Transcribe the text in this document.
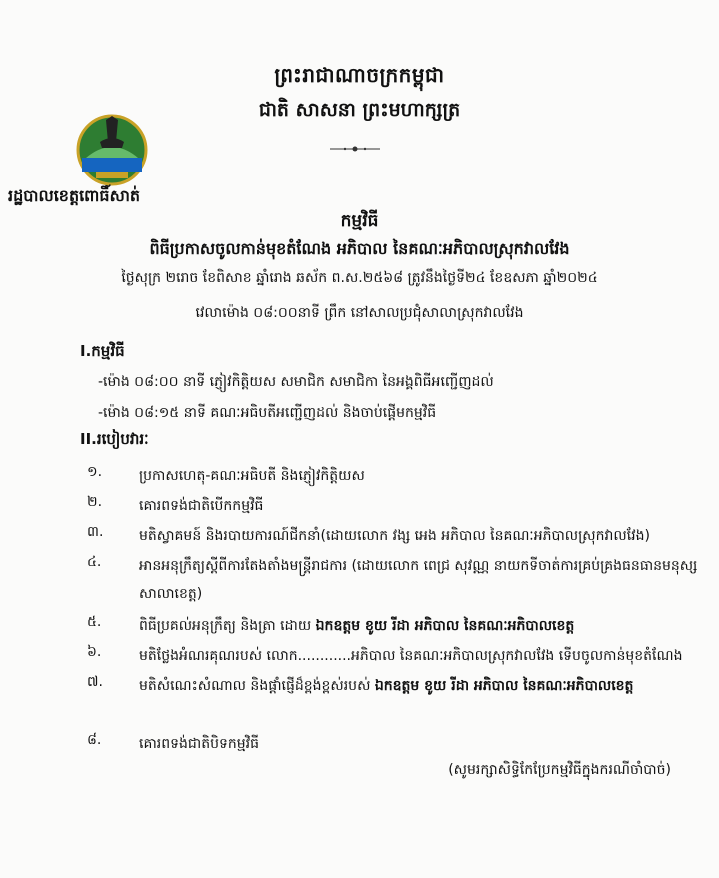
ព្រះរាជាណាចក្រកម្ពុជា
ជាតិ សាសនា ព្រះមហាក្សត្រ
រដ្ឋបាលខេត្តពោធិ៍សាត់
កម្មវិធី
ពិធីប្រកាសចូលកាន់មុខតំណែង អភិបាល នៃគណៈអភិបាលស្រុកវាលវែង
ថ្ងៃសុក្រ ២រោច ខែពិសាខ ឆ្នាំរោង ឆស័ក ព.ស.២៥៦៨ ត្រូវនឹងថ្ងៃទី២៤ ខែឧសភា ឆ្នាំ២០២៤
វេលាម៉ោង ០៨:០០នាទី ព្រឹក នៅសាលប្រជុំសាលាស្រុកវាលវែង
I.កម្មវិធី
-ម៉ោង ០៨:០០ នាទី ភ្ញៀវកិត្តិយស សមាជិក សមាជិកា នៃអង្គពិធីអញ្ជើញដល់
-ម៉ោង ០៨:១៥ នាទី គណៈអធិបតីអញ្ជើញដល់ និងចាប់ផ្តើមកម្មវិធី
II.របៀបវារៈ
១.	ប្រកាសហេតុ-គណៈអធិបតី និងភ្ញៀវកិត្តិយស
២.	គោរពទង់ជាតិបើកកម្មវិធី
៣.	មតិស្វាគមន៍ និងរបាយការណ៍ជីកនាំ(ដោយលោក វង្ស អេង អភិបាល នៃគណៈអភិបាលស្រុកវាលវែង)
៤.	អានអនុក្រឹត្យស្តីពីការតែងតាំងមន្ត្រីរាជការ (ដោយលោក ពេជ្រ សុវណ្ណ នាយកទីចាត់ការគ្រប់គ្រងធនធានមនុស្សសាលាខេត្ត)
៥.	ពិធីប្រគល់អនុក្រឹត្យ និងត្រា ដោយ ឯកឧត្តម ខូយ រីដា អភិបាល នៃគណៈអភិបាលខេត្ត
៦.	មតិថ្លែងអំណរគុណរបស់ លោក............អភិបាល នៃគណៈអភិបាលស្រុកវាលវែង ទើបចូលកាន់មុខតំណែង
៧.	មតិសំណេះសំណាល និងផ្តាំផ្ញើដ៏ខ្ពង់ខ្ពស់របស់ ឯកឧត្តម ខូយ រីដា អភិបាល នៃគណៈអភិបាលខេត្ត
៨.	គោរពទង់ជាតិបិទកម្មវិធី
(សូមរក្សាសិទ្ធិកែប្រែកម្មវិធីក្នុងករណីចាំបាច់)
